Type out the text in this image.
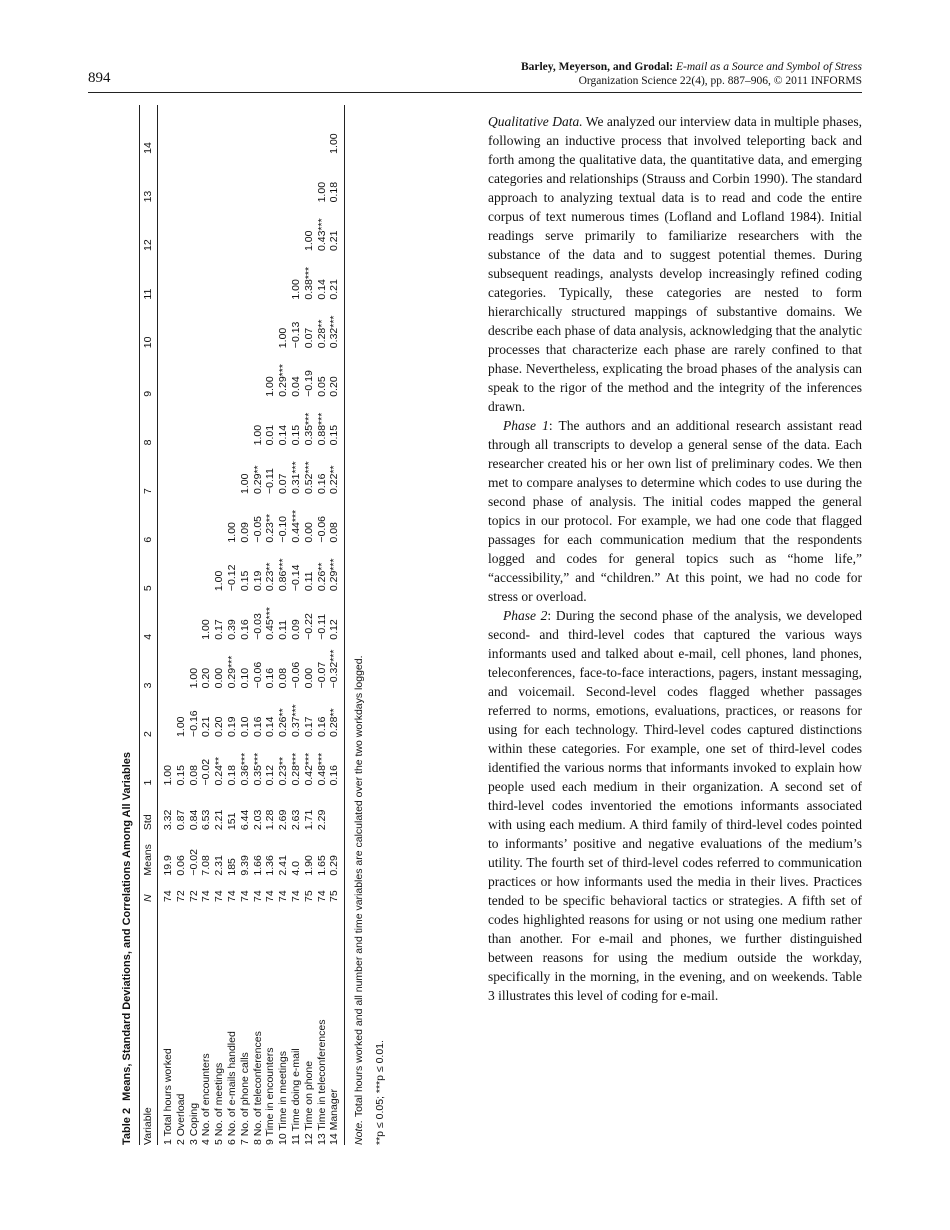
894
Barley, Meyerson, and Grodal: E-mail as a Source and Symbol of Stress
Organization Science 22(4), pp. 887–906, © 2011 INFORMS
Table 2 Means, Standard Deviations, and Correlations Among All Variables
Variable	N	Means	Std	1	2	3	4	5	6	7	8	9	10	11	12	13	14
1 Total hours worked	74	19.9	3.32	1.00													
2 Overload	72	0.06	0.87	0.15	1.00												
3 Coping	72	−0.02	0.84	0.08	−0.16	1.00											
4 No. of encounters	74	7.08	6.53	−0.02	0.21	0.20	1.00										
5 No. of meetings	74	2.31	2.21	0.24**	0.20	0.00	0.17	1.00									
6 No. of e-mails handled	74	185	151	0.18	0.19	0.29***	0.39	−0.12	1.00								
7 No. of phone calls	74	9.39	6.44	0.36***	0.10	0.10	0.16	0.15	0.09	1.00							
8 No. of teleconferences	74	1.66	2.03	0.35***	0.16	−0.06	−0.03	0.19	−0.05	0.29**	1.00						
9 Time in encounters	74	1.36	1.28	0.12	0.14	0.16	0.45***	0.23**	0.23**	−0.11	0.01	1.00					
10 Time in meetings	74	2.41	2.69	0.23**	0.26**	0.08	0.11	0.86***	−0.10	0.07	0.14	0.29***	1.00				
11 Time doing e-mail	74	4.0	2.63	0.28***	0.37***	−0.06	0.09	−0.14	0.44***	0.31***	0.15	0.04	−0.13	1.00			
12 Time on phone	75	1.90	1.71	0.42***	0.17	0.00	−0.22	0.11	0.00	0.52***	0.35***	−0.19	0.07	0.38***	1.00		
13 Time in teleconferences	74	1.65	2.29	0.48***	0.16	−0.07	−0.11	0.26**	−0.06	0.16	0.88***	0.05	0.28**	0.14	0.43***	1.00	
14 Manager	75	0.29		0.16	0.28**	−0.32***	0.12	0.29***	0.08	0.22**	0.15	0.20	0.32***	0.21	0.21	0.18	1.00
Note. Total hours worked and all number and time variables are calculated over the two workdays logged. **p ≤ 0.05; ***p ≤ 0.01.

Qualitative Data. We analyzed our interview data in multiple phases, following an inductive process that involved teleporting back and forth among the qualitative data, the quantitative data, and emerging categories and relationships (Strauss and Corbin 1990). The standard approach to analyzing textual data is to read and code the entire corpus of text numerous times (Lofland and Lofland 1984). Initial readings serve primarily to familiarize researchers with the substance of the data and to suggest potential themes. During subsequent readings, analysts develop increasingly refined coding categories. Typically, these categories are nested to form hierarchically structured mappings of substantive domains. We describe each phase of data analysis, acknowledging that the analytic processes that characterize each phase are rarely confined to that phase. Nevertheless, explicating the broad phases of the analysis can speak to the rigor of the method and the integrity of the inferences drawn.

Phase 1: The authors and an additional research assistant read through all transcripts to develop a general sense of the data. Each researcher created his or her own list of preliminary codes. We then met to compare analyses to determine which codes to use during the second phase of analysis. The initial codes mapped the general topics in our protocol. For example, we had one code that flagged passages for each communication medium that the respondents logged and codes for general topics such as “home life,” “accessibility,” and “children.” At this point, we had no code for stress or overload.

Phase 2: During the second phase of the analysis, we developed second- and third-level codes that captured the various ways informants used and talked about e-mail, cell phones, land phones, teleconferences, face-to-face interactions, pagers, instant messaging, and voicemail. Second-level codes flagged whether passages referred to norms, emotions, evaluations, practices, or reasons for using for each technology. Third-level codes captured distinctions within these categories. For example, one set of third-level codes identified the various norms that informants invoked to explain how people used each medium in their organization. A second set of third-level codes inventoried the emotions informants associated with using each medium. A third family of third-level codes pointed to informants’ positive and negative evaluations of the medium’s utility. The fourth set of third-level codes referred to communication practices or how informants used the media in their lives. Practices tended to be specific behavioral tactics or strategies. A fifth set of codes highlighted reasons for using or not using one medium rather than another. For e-mail and phones, we further distinguished between reasons for using the medium outside the workday, specifically in the morning, in the evening, and on weekends. Table 3 illustrates this level of coding for e-mail.
